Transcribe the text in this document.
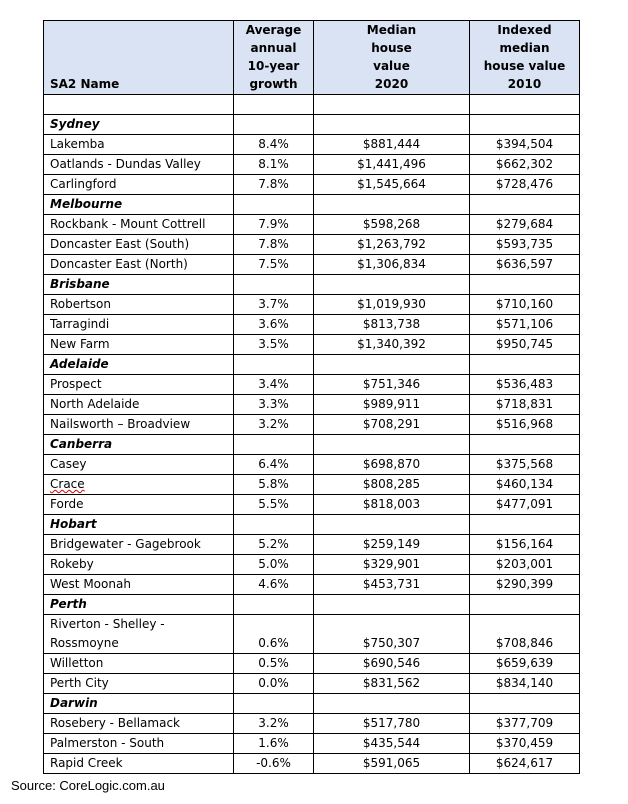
SA2 Name	Average
annual
10-year
growth	Median
house
value
2020	Indexed
median
house value
2010

Sydney			
Lakemba	8.4%	$881,444	$394,504
Oatlands - Dundas Valley	8.1%	$1,441,496	$662,302
Carlingford	7.8%	$1,545,664	$728,476
Melbourne			
Rockbank - Mount Cottrell	7.9%	$598,268	$279,684
Doncaster East (South)	7.8%	$1,263,792	$593,735
Doncaster East (North)	7.5%	$1,306,834	$636,597
Brisbane			
Robertson	3.7%	$1,019,930	$710,160
Tarragindi	3.6%	$813,738	$571,106
New Farm	3.5%	$1,340,392	$950,745
Adelaide			
Prospect	3.4%	$751,346	$536,483
North Adelaide	3.3%	$989,911	$718,831
Nailsworth – Broadview	3.2%	$708,291	$516,968
Canberra			
Casey	6.4%	$698,870	$375,568
Crace	5.8%	$808,285	$460,134
Forde	5.5%	$818,003	$477,091
Hobart			
Bridgewater - Gagebrook	5.2%	$259,149	$156,164
Rokeby	5.0%	$329,901	$203,001
West Moonah	4.6%	$453,731	$290,399
Perth			
Riverton - Shelley - Rossmoyne	0.6%	$750,307	$708,846
Willetton	0.5%	$690,546	$659,639
Perth City	0.0%	$831,562	$834,140
Darwin			
Rosebery - Bellamack	3.2%	$517,780	$377,709
Palmerston - South	1.6%	$435,544	$370,459
Rapid Creek	-0.6%	$591,065	$624,617
Source: CoreLogic.com.au
